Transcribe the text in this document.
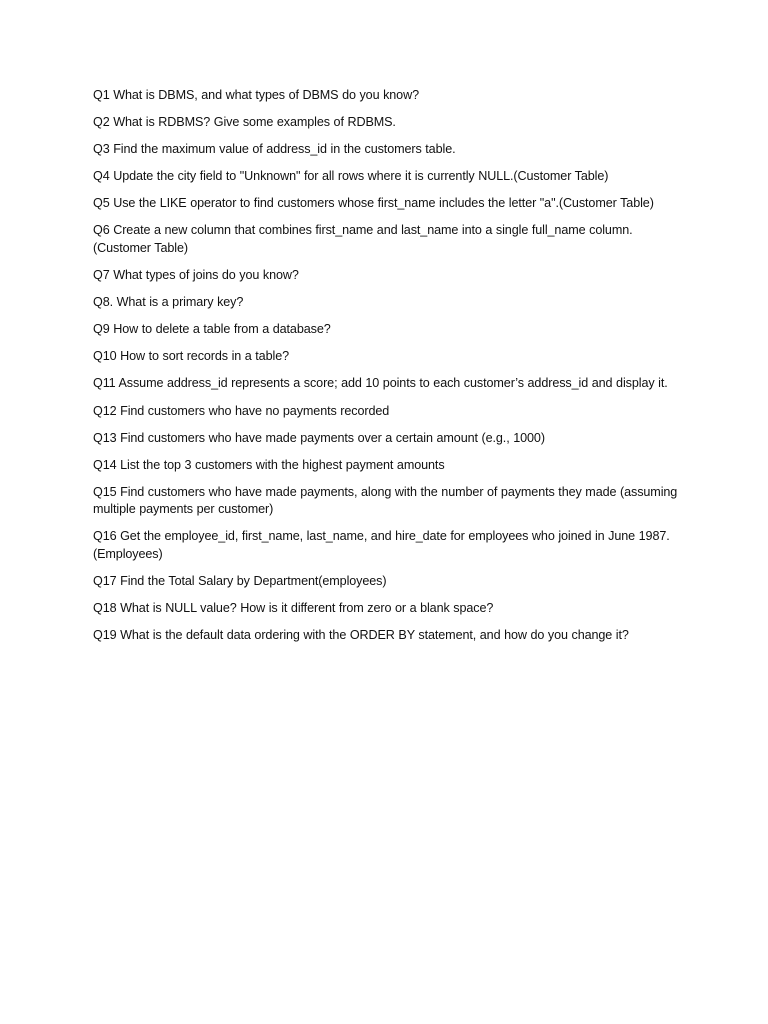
Q1 What is DBMS, and what types of DBMS do you know?
Q2 What is RDBMS? Give some examples of RDBMS.
Q3 Find the maximum value of address_id in the customers table.
Q4 Update the city field to "Unknown" for all rows where it is currently NULL.(Customer Table)
Q5 Use the LIKE operator to find customers whose first_name includes the letter "a".(Customer Table)
Q6 Create a new column that combines first_name and last_name into a single full_name column.(Customer Table)
Q7 What types of joins do you know?
Q8. What is a primary key?
Q9 How to delete a table from a database?
Q10 How to sort records in a table?
Q11 Assume address_id represents a score; add 10 points to each customer’s address_id and display it.
Q12 Find customers who have no payments recorded
Q13 Find customers who have made payments over a certain amount (e.g., 1000)
Q14 List the top 3 customers with the highest payment amounts
Q15 Find customers who have made payments, along with the number of payments they made (assuming multiple payments per customer)
Q16 Get the employee_id, first_name, last_name, and hire_date for employees who joined in June 1987.(Employees)
Q17 Find the Total Salary by Department(employees)
Q18 What is NULL value? How is it different from zero or a blank space?
Q19 What is the default data ordering with the ORDER BY statement, and how do you change it?
